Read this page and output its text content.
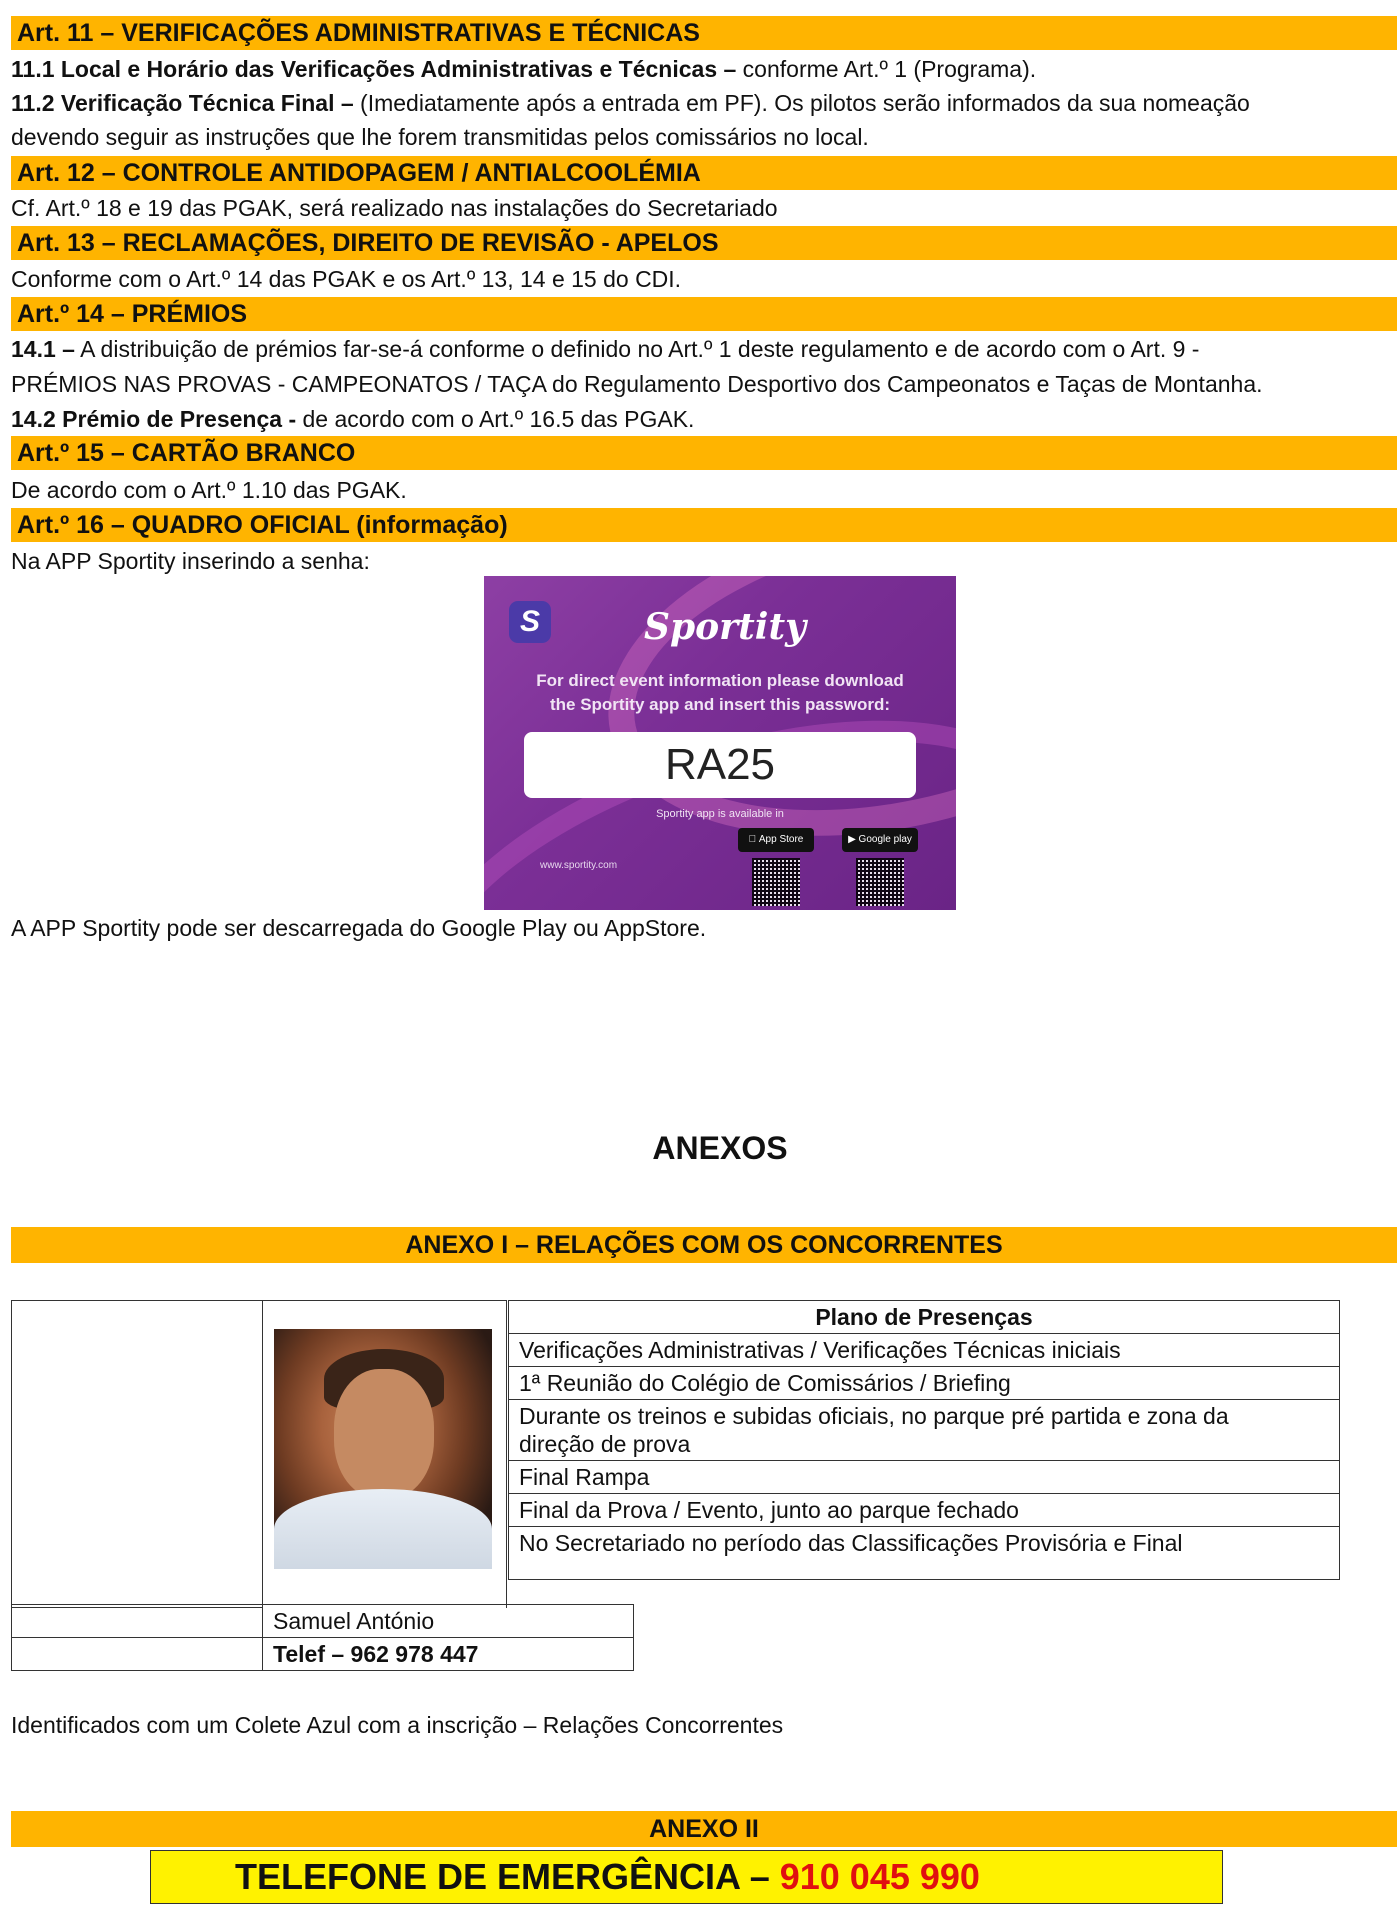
Art. 11 – VERIFICAÇÕES ADMINISTRATIVAS E TÉCNICAS
11.1 Local e Horário das Verificações Administrativas e Técnicas – conforme Art.º 1 (Programa).
11.2 Verificação Técnica Final – (Imediatamente após a entrada em PF). Os pilotos serão informados da sua nomeação
devendo seguir as instruções que lhe forem transmitidas pelos comissários no local.
Art. 12 – CONTROLE ANTIDOPAGEM / ANTIALCOOLÉMIA
Cf. Art.º 18 e 19 das PGAK, será realizado nas instalações do Secretariado
Art. 13 – RECLAMAÇÕES, DIREITO DE REVISÃO - APELOS
Conforme com o Art.º 14 das PGAK e os Art.º 13, 14 e 15 do CDI.
Art.º 14 – PRÉMIOS
14.1 – A distribuição de prémios far-se-á conforme o definido no Art.º 1 deste regulamento e de acordo com o Art. 9 -
PRÉMIOS NAS PROVAS - CAMPEONATOS / TAÇA do Regulamento Desportivo dos Campeonatos e Taças de Montanha.
14.2 Prémio de Presença - de acordo com o Art.º 16.5 das PGAK.
Art.º 15 – CARTÃO BRANCO
De acordo com o Art.º 1.10 das PGAK.
Art.º 16 – QUADRO OFICIAL (informação)
Na APP Sportity inserindo a senha:
S	Sportity
For direct event information please download
the Sportity app and insert this password:
RA25
Sportity app is available in
App Store	▶ Google play
www.sportity.com
A APP Sportity pode ser descarregada do Google Play ou AppStore.
ANEXOS
ANEXO I – RELAÇÕES COM OS CONCORRENTES

Plano de Presenças
Verificações Administrativas / Verificações Técnicas iniciais
1ª Reunião do Colégio de Comissários / Briefing

Durante os treinos e subidas oficiais, no parque pré partida e zona da
direção de prova

Final Rampa
Final da Prova / Evento, junto ao parque fechado
No Secretariado no período das Classificações Provisória e Final
	Samuel António
	Telef – 962 978 447
Identificados com um Colete Azul com a inscrição – Relações Concorrentes
ANEXO II
TELEFONE DE EMERGÊNCIA – 910 045 990
